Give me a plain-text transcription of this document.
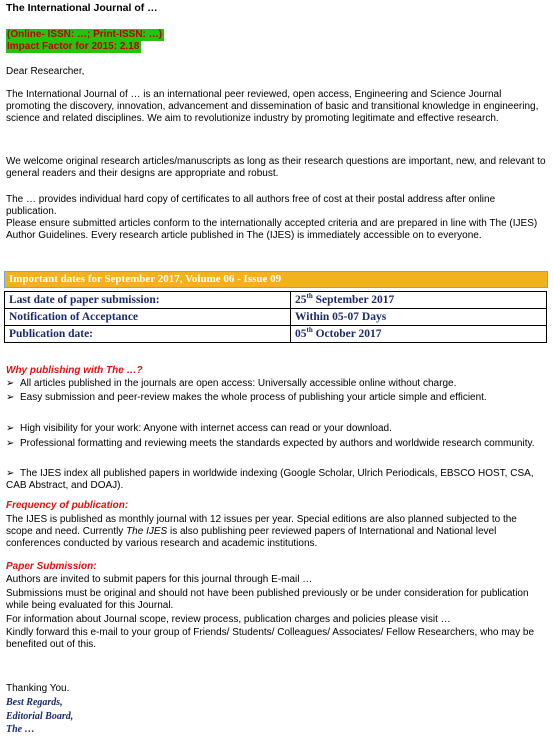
The International Journal of …
(Online- ISSN: …; Print-ISSN: …)
Impact Factor for 2015: 2.18
Dear Researcher,
The International Journal of … is an international peer reviewed, open access, Engineering and Science Journal promoting the discovery, innovation, advancement and dissemination of basic and transitional knowledge in engineering, science and related disciplines. We aim to revolutionize industry by promoting legitimate and effective research.
We welcome original research articles/manuscripts as long as their research questions are important, new, and relevant to general readers and their designs are appropriate and robust.
The … provides individual hard copy of certificates to all authors free of cost at their postal address after online publication.
Please ensure submitted articles conform to the internationally accepted criteria and are prepared in line with The (IJES) Author Guidelines. Every research article published in The (IJES) is immediately accessible on to everyone.
Important dates for September 2017, Volume 06 - Issue 09
Last date of paper submission:	25th September 2017
Notification of Acceptance	Within 05-07 Days
Publication date:	05th October 2017
Why publishing with The …?
➢ All articles published in the journals are open access: Universally accessible online without charge.
➢ Easy submission and peer-review makes the whole process of publishing your article simple and efficient.
➢ High visibility for your work: Anyone with internet access can read or your download.
➢ Professional formatting and reviewing meets the standards expected by authors and worldwide research community.
➢ The IJES index all published papers in worldwide indexing (Google Scholar, Ulrich Periodicals, EBSCO HOST, CSA, CAB Abstract, and DOAJ).
Frequency of publication:
The IJES is published as monthly journal with 12 issues per year. Special editions are also planned subjected to the scope and need. Currently The IJES is also publishing peer reviewed papers of International and National level conferences conducted by various research and academic institutions.
Paper Submission:
Authors are invited to submit papers for this journal through E-mail …
Submissions must be original and should not have been published previously or be under consideration for publication while being evaluated for this Journal.
For information about Journal scope, review process, publication charges and policies please visit …
Kindly forward this e-mail to your group of Friends/ Students/ Colleagues/ Associates/ Fellow Researchers, who may be benefited out of this.
Thanking You.
Best Regards,
Editorial Board,
The …
